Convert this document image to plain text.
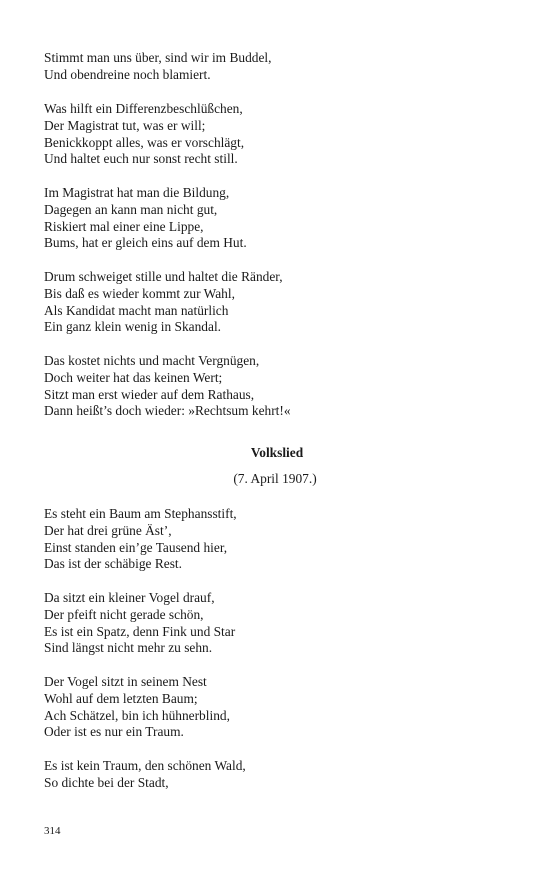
Stimmt man uns über, sind wir im Buddel,
Und obendreine noch blamiert.
Was hilft ein Differenzbeschlüßchen,
Der Magistrat tut, was er will;
Benickkoppt alles, was er vorschlägt,
Und haltet euch nur sonst recht still.
Im Magistrat hat man die Bildung,
Dagegen an kann man nicht gut,
Riskiert mal einer eine Lippe,
Bums, hat er gleich eins auf dem Hut.
Drum schweiget stille und haltet die Ränder,
Bis daß es wieder kommt zur Wahl,
Als Kandidat macht man natürlich
Ein ganz klein wenig in Skandal.
Das kostet nichts und macht Vergnügen,
Doch weiter hat das keinen Wert;
Sitzt man erst wieder auf dem Rathaus,
Dann heißt’s doch wieder: »Rechtsum kehrt!«
Volkslied
(7. April 1907.)
Es steht ein Baum am Stephansstift,
Der hat drei grüne Äst’,
Einst standen ein’ge Tausend hier,
Das ist der schäbige Rest.
Da sitzt ein kleiner Vogel drauf,
Der pfeift nicht gerade schön,
Es ist ein Spatz, denn Fink und Star
Sind längst nicht mehr zu sehn.
Der Vogel sitzt in seinem Nest
Wohl auf dem letzten Baum;
Ach Schätzel, bin ich hühnerblind,
Oder ist es nur ein Traum.
Es ist kein Traum, den schönen Wald,
So dichte bei der Stadt,
314
